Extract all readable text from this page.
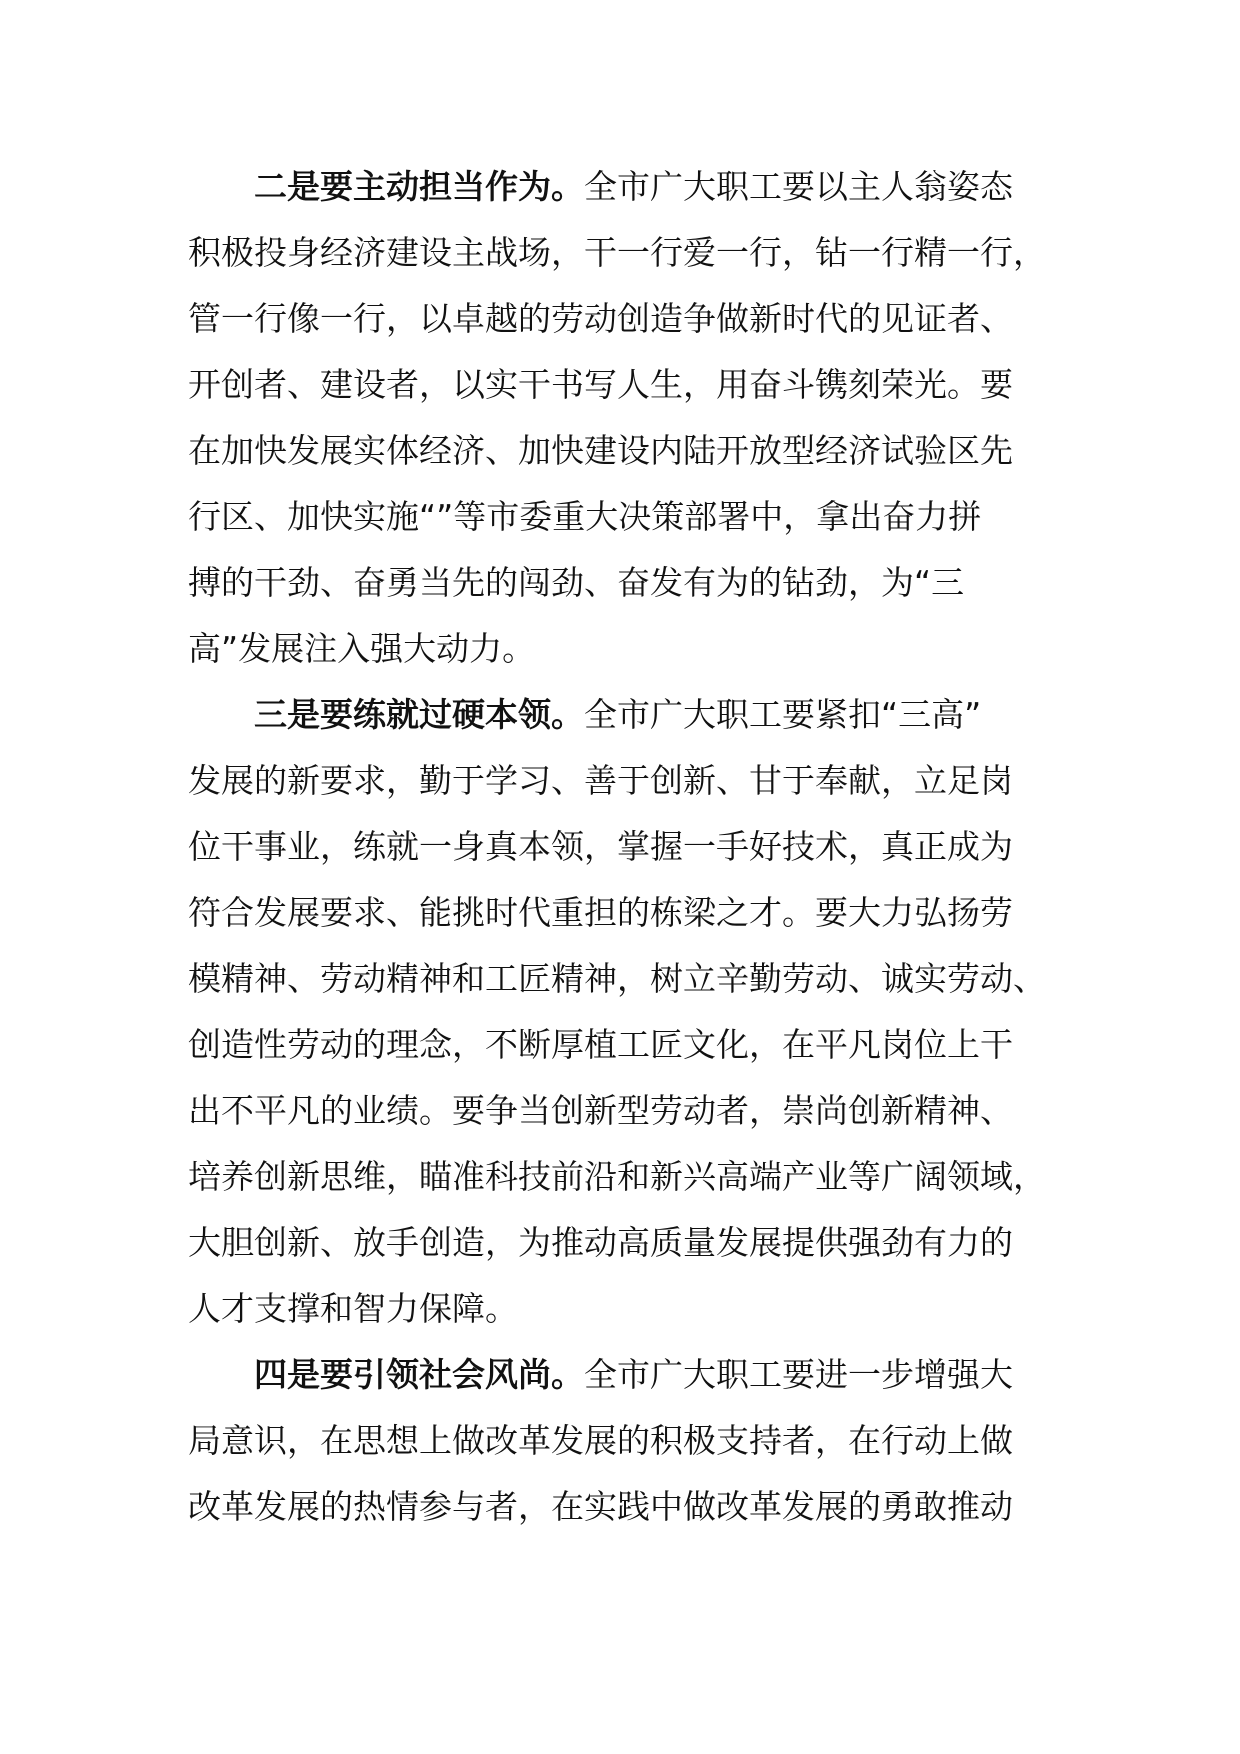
二是要主动担当作为。全市广大职工要以主人翁姿态
积极投身经济建设主战场，干一行爱一行，钻一行精一行，
管一行像一行，以卓越的劳动创造争做新时代的见证者、
开创者、建设者，以实干书写人生，用奋斗镌刻荣光。要
在加快发展实体经济、加快建设内陆开放型经济试验区先
行区、加快实施“”等市委重大决策部署中，拿出奋力拼
搏的干劲、奋勇当先的闯劲、奋发有为的钻劲，为“三
高”发展注入强大动力。
三是要练就过硬本领。全市广大职工要紧扣“三高”
发展的新要求，勤于学习、善于创新、甘于奉献，立足岗
位干事业，练就一身真本领，掌握一手好技术，真正成为
符合发展要求、能挑时代重担的栋梁之才。要大力弘扬劳
模精神、劳动精神和工匠精神，树立辛勤劳动、诚实劳动、
创造性劳动的理念，不断厚植工匠文化，在平凡岗位上干
出不平凡的业绩。要争当创新型劳动者，崇尚创新精神、
培养创新思维，瞄准科技前沿和新兴高端产业等广阔领域，
大胆创新、放手创造，为推动高质量发展提供强劲有力的
人才支撑和智力保障。
四是要引领社会风尚。全市广大职工要进一步增强大
局意识，在思想上做改革发展的积极支持者，在行动上做
改革发展的热情参与者，在实践中做改革发展的勇敢推动
